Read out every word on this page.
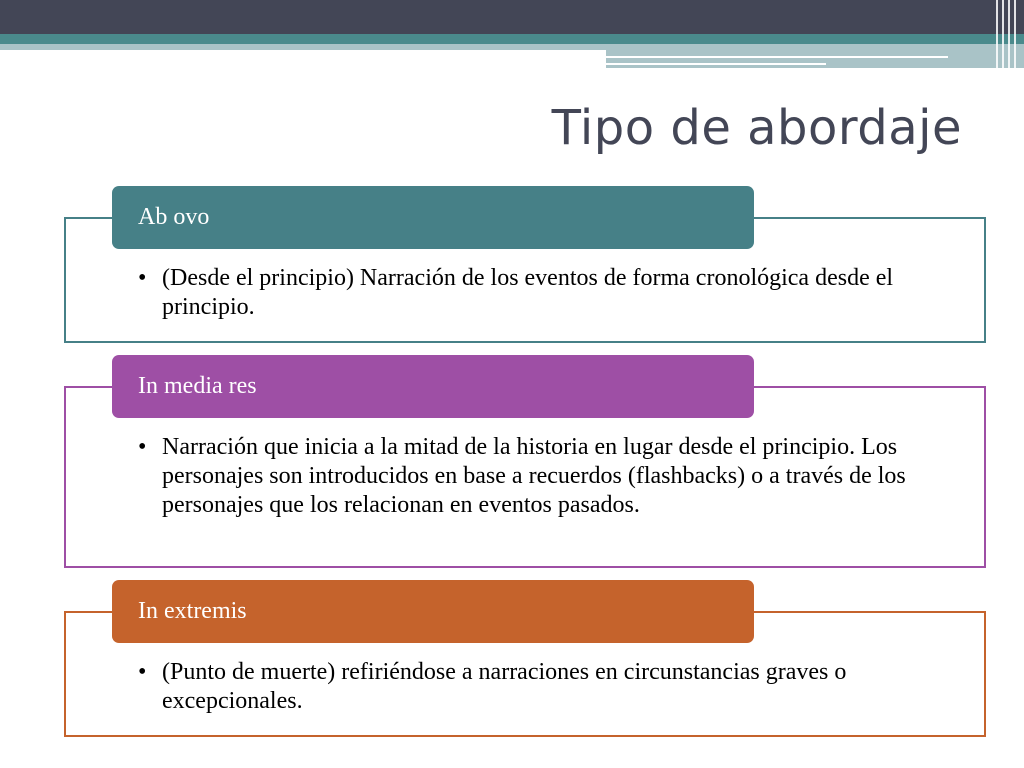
Tipo de abordaje
Ab ovo
• (Desde el principio) Narración de los eventos de forma cronológica desde el principio.
In media res
• Narración que inicia a la mitad de la historia en lugar desde el principio. Los personajes son introducidos en base a recuerdos (flashbacks) o a través de los personajes que los relacionan en eventos pasados.
In extremis
• (Punto de muerte) refiriéndose a narraciones en circunstancias graves o excepcionales.
